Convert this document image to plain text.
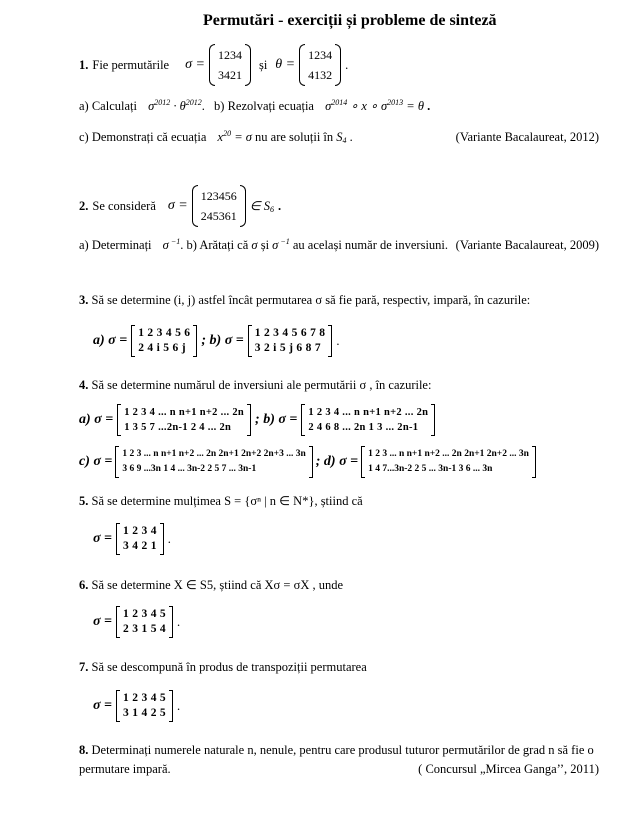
Permutări - exerciții și probleme de sinteză
1. Fie permutările σ =
1234
3421
și θ =
1234
4132
.
a) Calculați $\sigma^{2012} \cdot \theta^{2012}$. b) Rezolvați ecuația $\sigma^{2014}$ ∘ x ∘ $\sigma^{2013} = \theta$ .
c) Demonstrați că ecuația $x^{20} = \sigma$ nu are soluții în $S_4$ .	(Variante Bacalaureat, 2012)
2. Se consideră σ =
123456
245361
∈ $S_6$ .
a) Determinați σ $^{-1}$. b) Arătați că σ și σ $^{-1}$ au același număr de inversiuni. (Variante Bacalaureat, 2009)
3. Să se determine (i, j) astfel încât permutarea σ să fie pară, respectiv, impară, în cazurile:
a) σ = 1 2 3 4 5 6
2 4 i 5 6 j	; b) σ = 1 2 3 4 5 6 7 8
3 2 i 5 j 6 8 7
.
4. Să se determine numărul de inversiuni ale permutării σ , în cazurile:
a) σ = 1 2 3 4 ... n n+1 n+2 ... 2n
1 3 5 7 ...2n-1 2 4 ... 2n
; b) σ = 1 2 3 4 ... n n+1 n+2 ... 2n
2 4 6 8 ... 2n 1 3 ... 2n-1
c) σ = 1 2 3 ... n n+1 n+2 ... 2n 2n+1 2n+2 2n+3 ... 3n
3 6 9 ...3n 1 4 ... 3n-2 2 5 7 ... 3n-1	; d) σ = 1 2 3 ... n n+1 n+2 ... 2n 2n+1 2n+2 ... 3n
1 4 7...3n-2 2 5 ... 3n-1 3 6 ... 3n
5. Să se determine mulțimea S = {σⁿ | n ∈ N*}, știind că
σ = 1 2 3 4
3 4 2 1
.
6. Să se determine X ∈ S5, știind că Xσ = σX , unde
σ = 1 2 3 4 5
2 3 1 5 4
.
7. Să se descompună în produs de transpoziții permutarea
σ = 1 2 3 4 5
3 1 4 2 5
.
8. Determinați numerele naturale n, nenule, pentru care produsul tuturor permutărilor de grad n să fie o
permutare impară.	( Concursul „Mircea Ganga’’, 2011)
